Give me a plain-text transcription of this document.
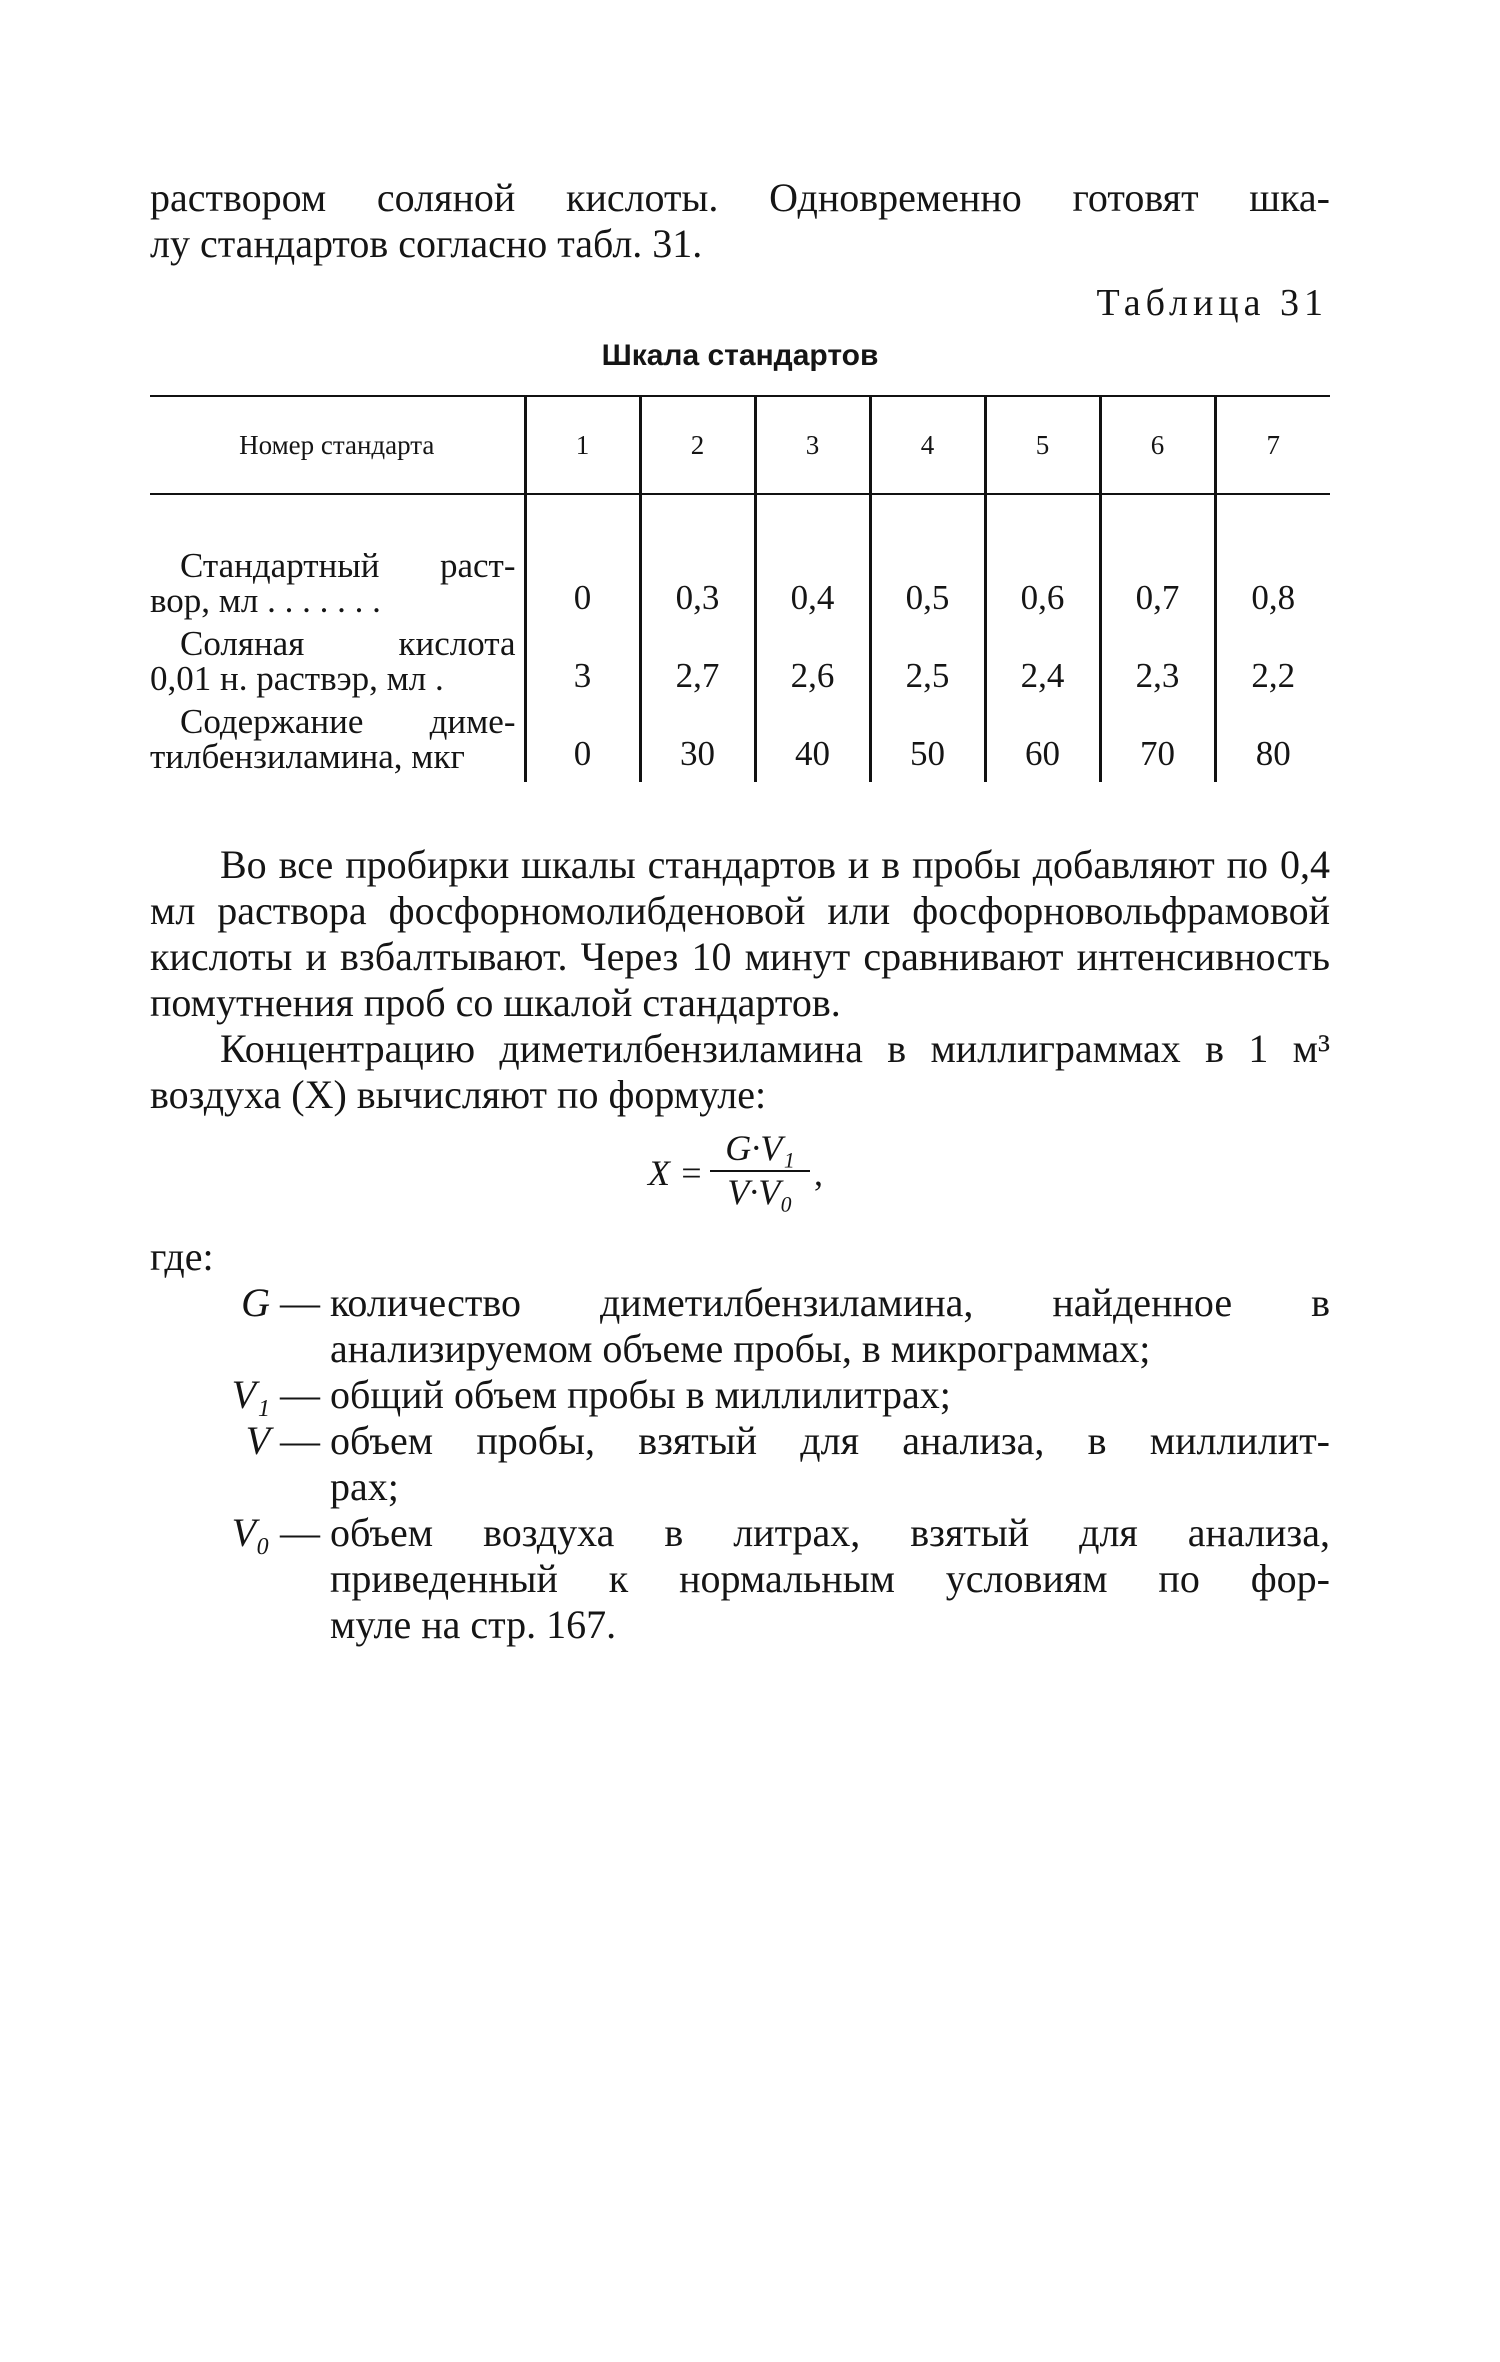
раствором соляной кислоты. Одновременно готовят шка-
лу стандартов согласно табл. 31.

Таблица 31
Шкала стандартов
Номер стандарта	1	2	3	4	5	6	7

Стандартный раст-
вор, мл . . . . . . .	0	0,3	0,4	0,5	0,6	0,7	0,8

Соляная кислота
0,01 н. раствэр, мл .	3	2,7	2,6	2,5	2,4	2,3	2,2

Содержание диме-
тилбензиламина, мкг	0	30	40	50	60	70	80

Во все пробирки шкалы стандартов и в пробы добавляют по 0,4 мл раствора фосфорномолибденовой или фосфорновольфрамовой кислоты и взбалтывают. Через 10 минут сравнивают интенсивность помутнения проб со шкалой стандартов.

Концентрацию диметилбензиламина в миллиграммах в 1 м³ воздуха (X) вычисляют по формуле:

$X = \frac{\text{G·V₁}}{\text{V·V₀}}$ ,

где:

G — количество диметилбензиламина, найденное в
анализируемом объеме пробы, в микрограммах;
V₁ — общий объем пробы в миллилитрах;
V — объем пробы, взятый для анализа, в миллилит-
рах;
V₀ — объем воздуха в литрах, взятый для анализа,
приведенный к нормальным условиям по фор-
муле на стр. 167.
